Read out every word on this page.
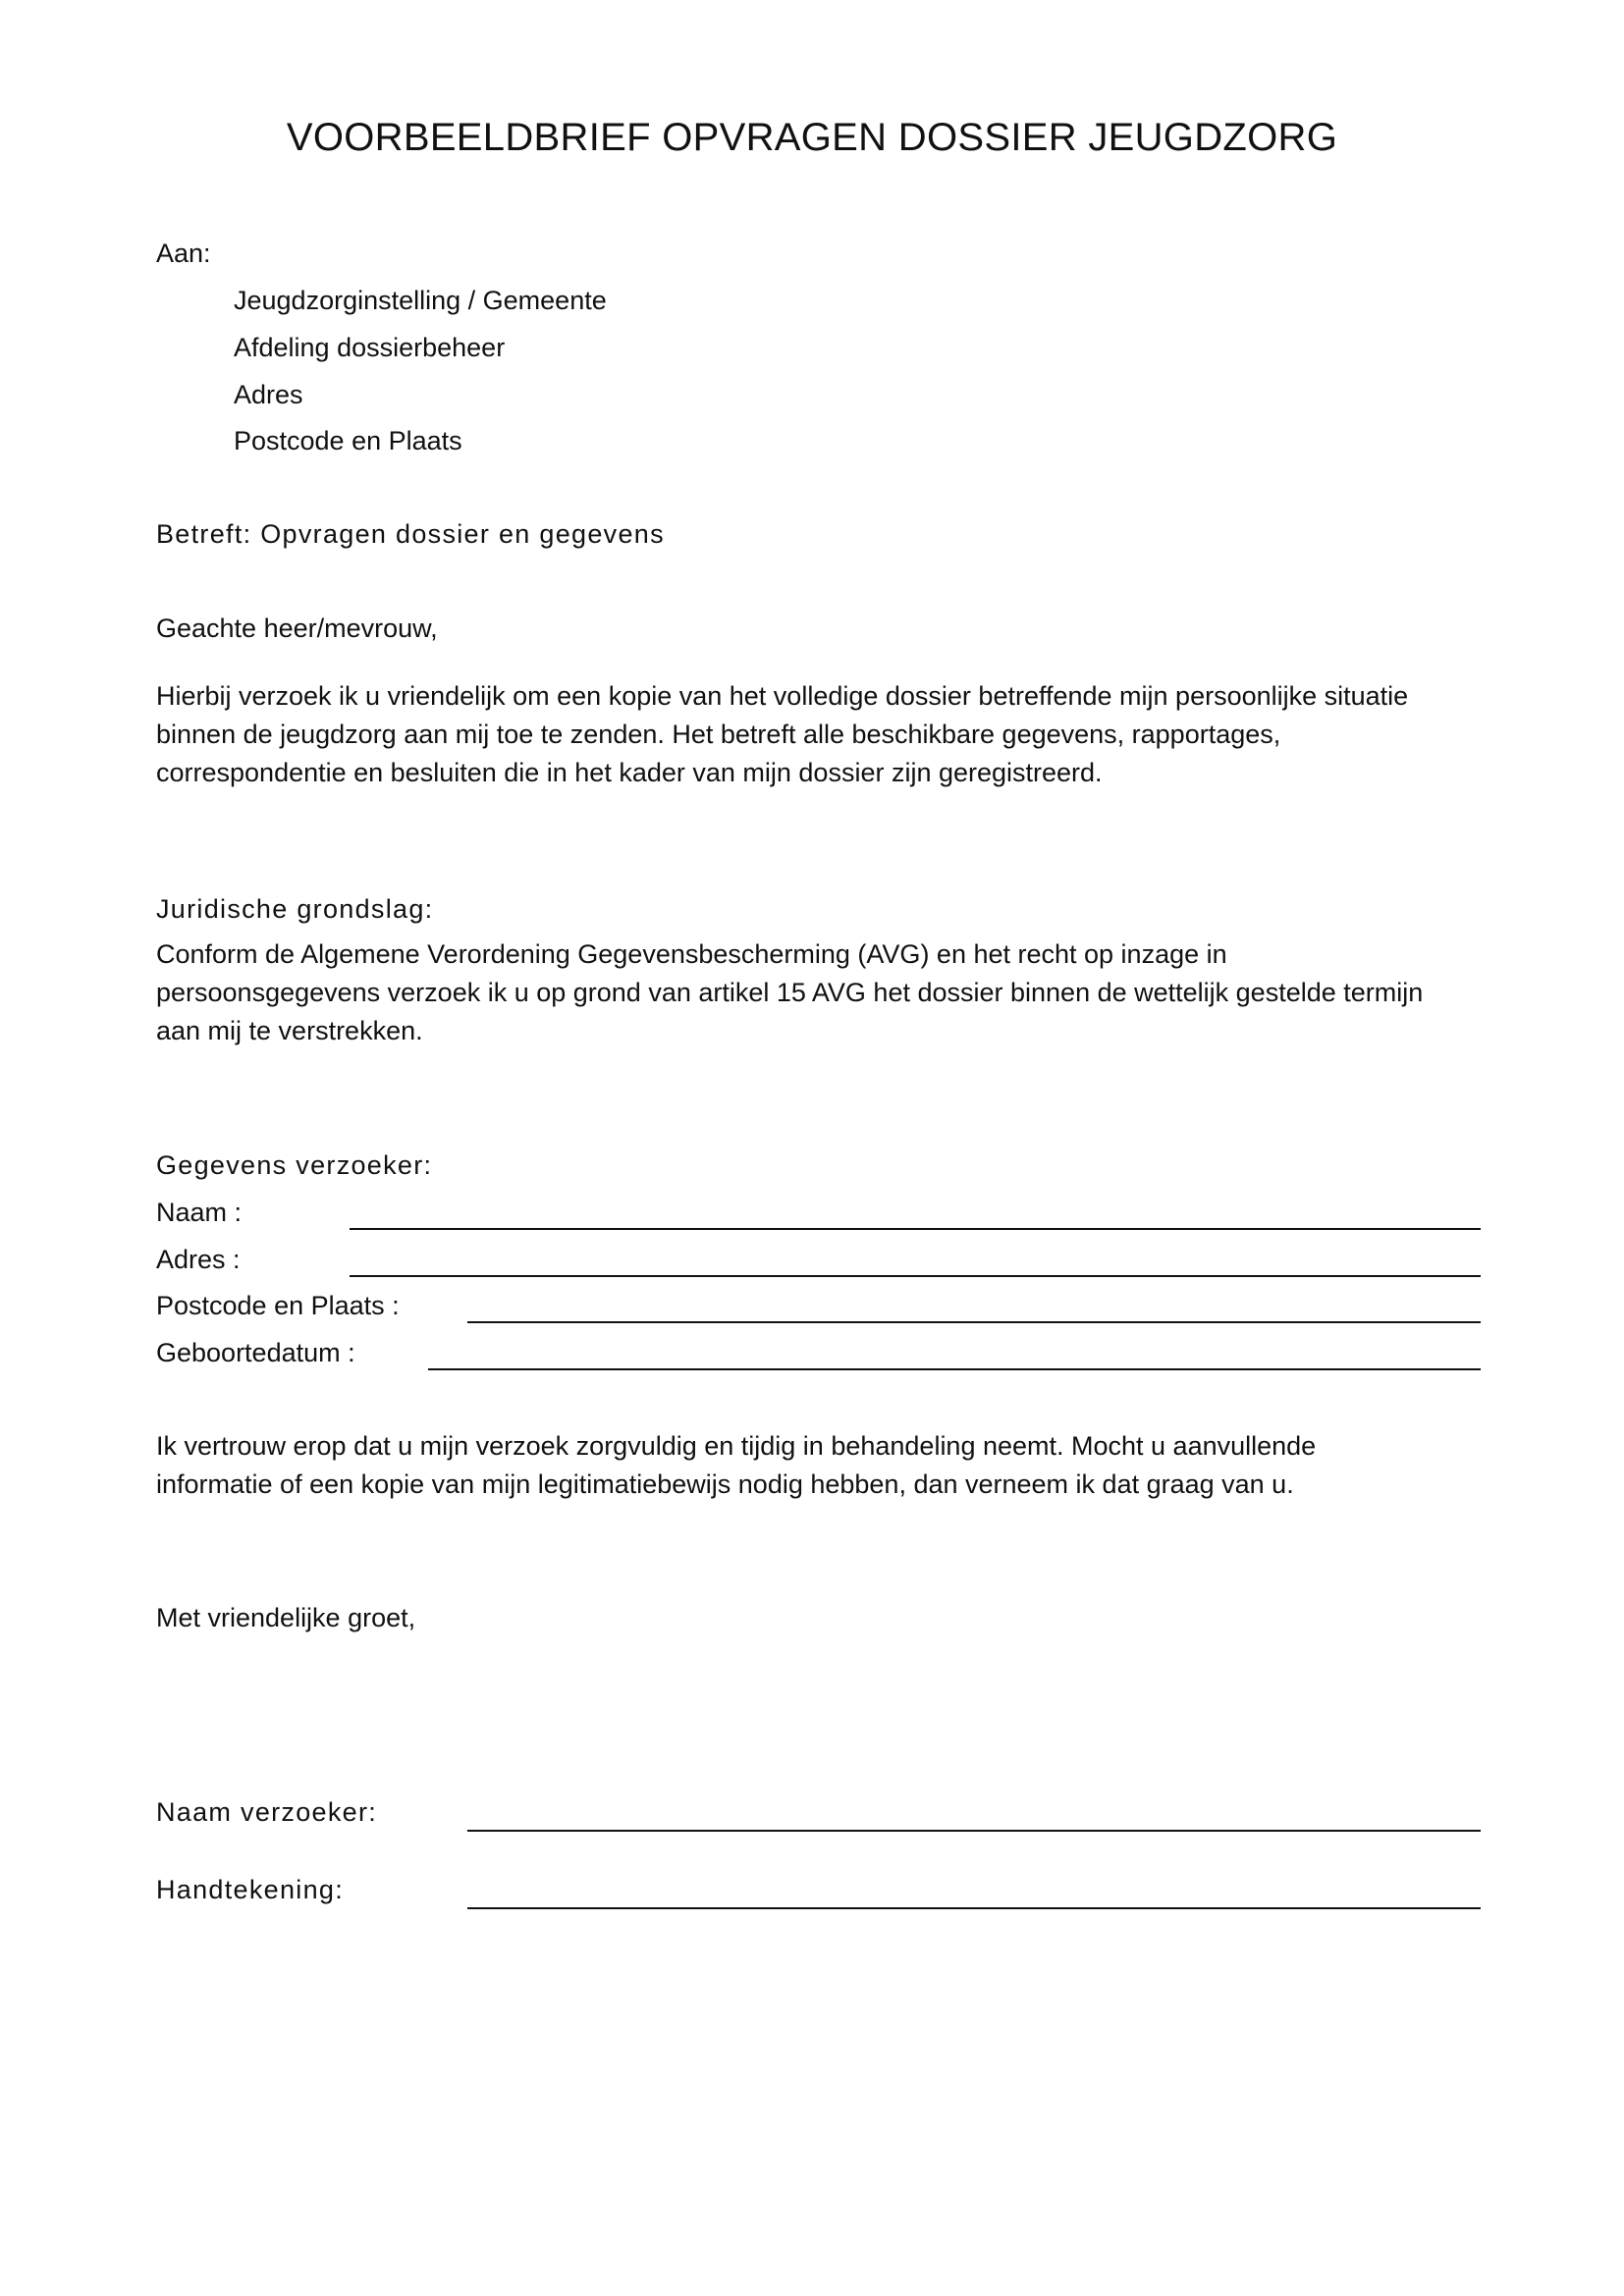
VOORBEELDBRIEF OPVRAGEN DOSSIER JEUGDZORG
Aan:
Jeugdzorginstelling / Gemeente
Afdeling dossierbeheer
Adres
Postcode en Plaats
Betreft: Opvragen dossier en gegevens
Geachte heer/mevrouw,
Hierbij verzoek ik u vriendelijk om een kopie van het volledige dossier betreffende mijn persoonlijke situatie
binnen de jeugdzorg aan mij toe te zenden. Het betreft alle beschikbare gegevens, rapportages,
correspondentie en besluiten die in het kader van mijn dossier zijn geregistreerd.
Juridische grondslag:
Conform de Algemene Verordening Gegevensbescherming (AVG) en het recht op inzage in
persoonsgegevens verzoek ik u op grond van artikel 15 AVG het dossier binnen de wettelijk gestelde termijn
aan mij te verstrekken.
Gegevens verzoeker:
Naam :
Adres :
Postcode en Plaats :
Geboortedatum :
Ik vertrouw erop dat u mijn verzoek zorgvuldig en tijdig in behandeling neemt. Mocht u aanvullende
informatie of een kopie van mijn legitimatiebewijs nodig hebben, dan verneem ik dat graag van u.
Met vriendelijke groet,
Naam verzoeker:
Handtekening:
